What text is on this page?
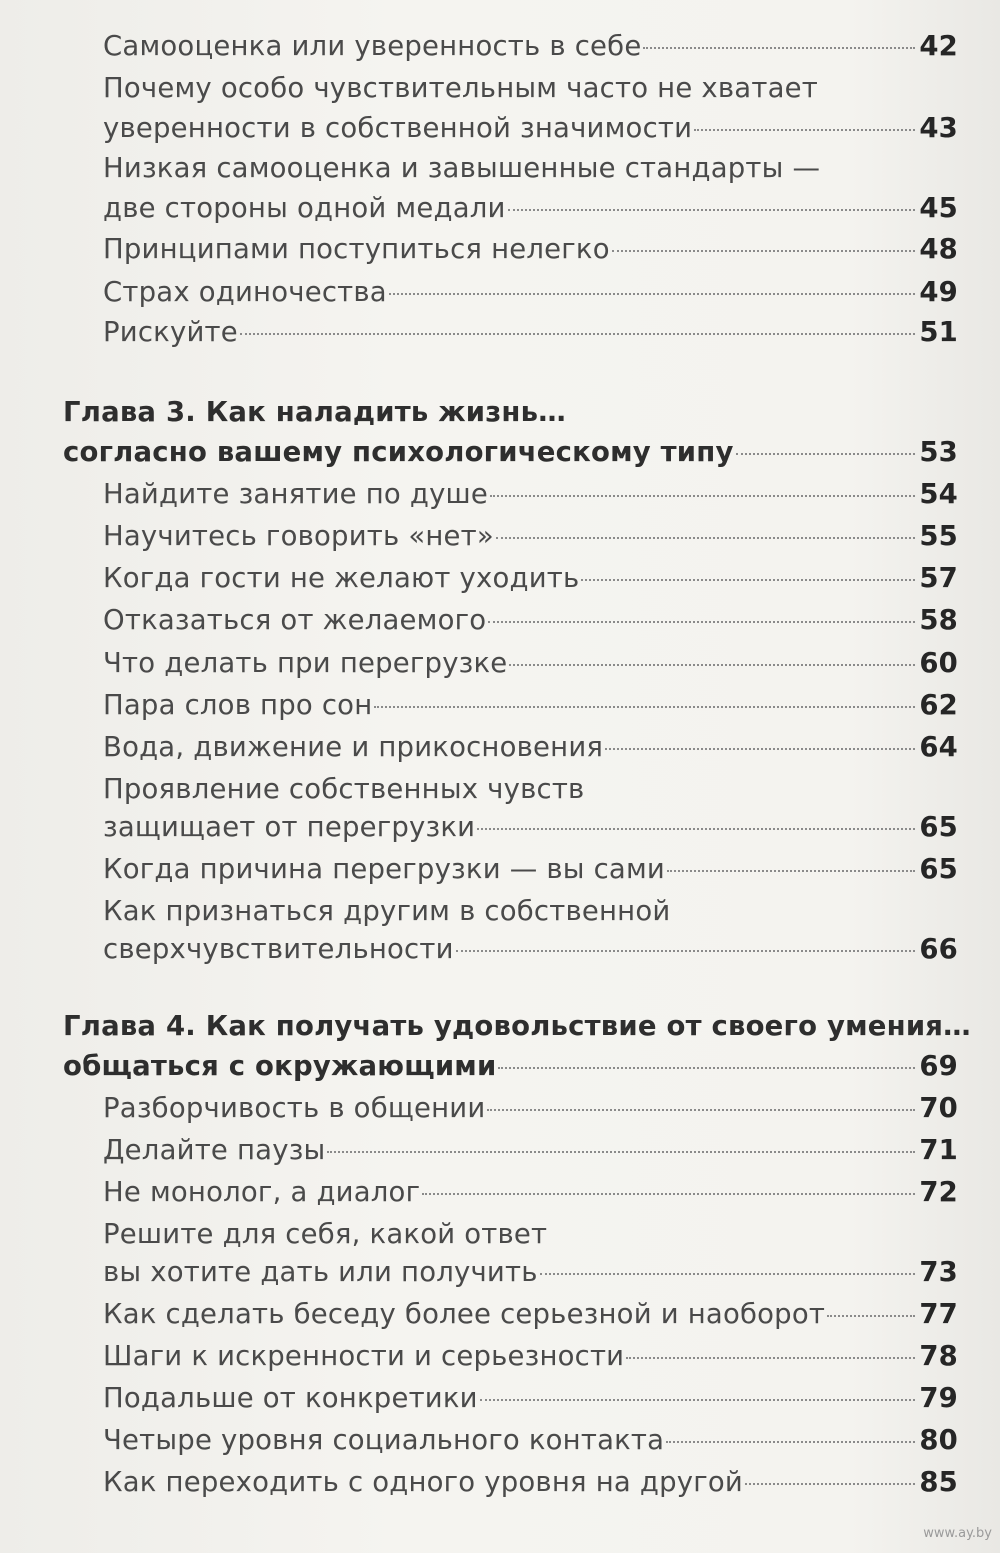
Самооценка или уверенность в себе	42
Почему особо чувствительным часто не хватает
уверенности в собственной значимости	43
Низкая самооценка и завышенные стандарты —
две стороны одной медали	45
Принципами поступиться нелегко	48
Страх одиночества	49
Рискуйте	51
Глава 3. Как наладить жизнь…
согласно вашему психологическому типу	53
Найдите занятие по душе	54
Научитесь говорить «нет»	55
Когда гости не желают уходить	57
Отказаться от желаемого	58
Что делать при перегрузке	60
Пара слов про сон	62
Вода, движение и прикосновения	64
Проявление собственных чувств
защищает от перегрузки	65
Когда причина перегрузки — вы сами	65
Как признаться другим в собственной
сверхчувствительности	66
Глава 4. Как получать удовольствие от своего умения…
общаться с окружающими	69
Разборчивость в общении	70
Делайте паузы	71
Не монолог, а диалог	72
Решите для себя, какой ответ
вы хотите дать или получить	73
Как сделать беседу более серьезной и наоборот	77
Шаги к искренности и серьезности	78
Подальше от конкретики	79
Четыре уровня социального контакта	80
Как переходить с одного уровня на другой	85
www.ay.by
